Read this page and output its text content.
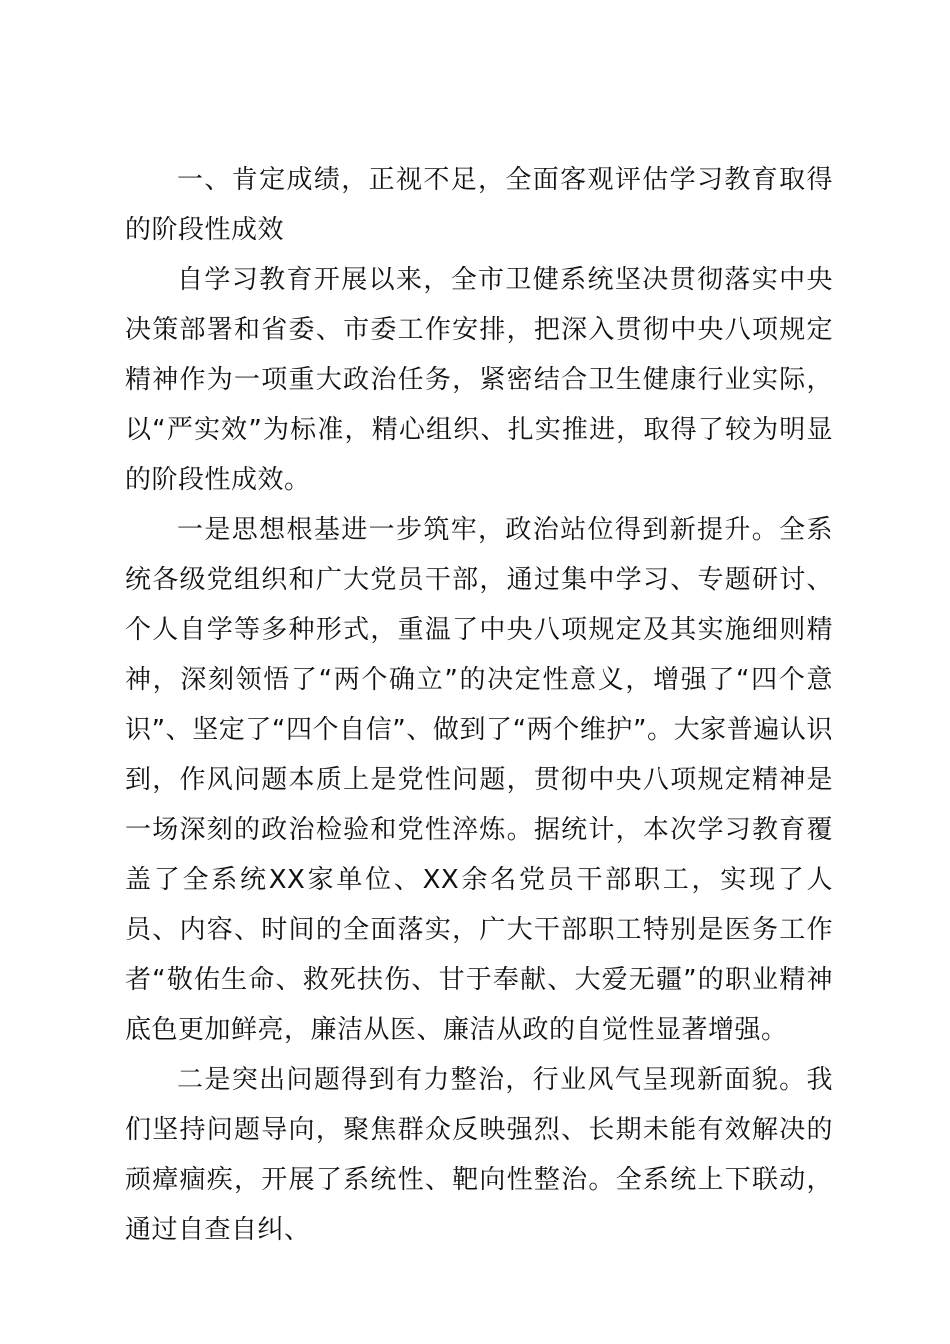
一、肯定成绩，正视不足，全面客观评估学习教育取得的阶段性成效

自学习教育开展以来，全市卫健系统坚决贯彻落实中央决策部署和省委、市委工作安排，把深入贯彻中央八项规定精神作为一项重大政治任务，紧密结合卫生健康行业实际，以“严实效”为标准，精心组织、扎实推进，取得了较为明显的阶段性成效。

一是思想根基进一步筑牢，政治站位得到新提升。全系统各级党组织和广大党员干部，通过集中学习、专题研讨、个人自学等多种形式，重温了中央八项规定及其实施细则精神，深刻领悟了“两个确立”的决定性意义，增强了“四个意识”、坚定了“四个自信”、做到了“两个维护”。大家普遍认识到，作风问题本质上是党性问题，贯彻中央八项规定精神是一场深刻的政治检验和党性淬炼。据统计，本次学习教育覆盖了全系统XX家单位、XX余名党员干部职工，实现了人员、内容、时间的全面落实，广大干部职工特别是医务工作者“敬佑生命、救死扶伤、甘于奉献、大爱无疆”的职业精神底色更加鲜亮，廉洁从医、廉洁从政的自觉性显著增强。

二是突出问题得到有力整治，行业风气呈现新面貌。我们坚持问题导向，聚焦群众反映强烈、长期未能有效解决的顽瘴痼疾，开展了系统性、靶向性整治。全系统上下联动，通过自查自纠、
